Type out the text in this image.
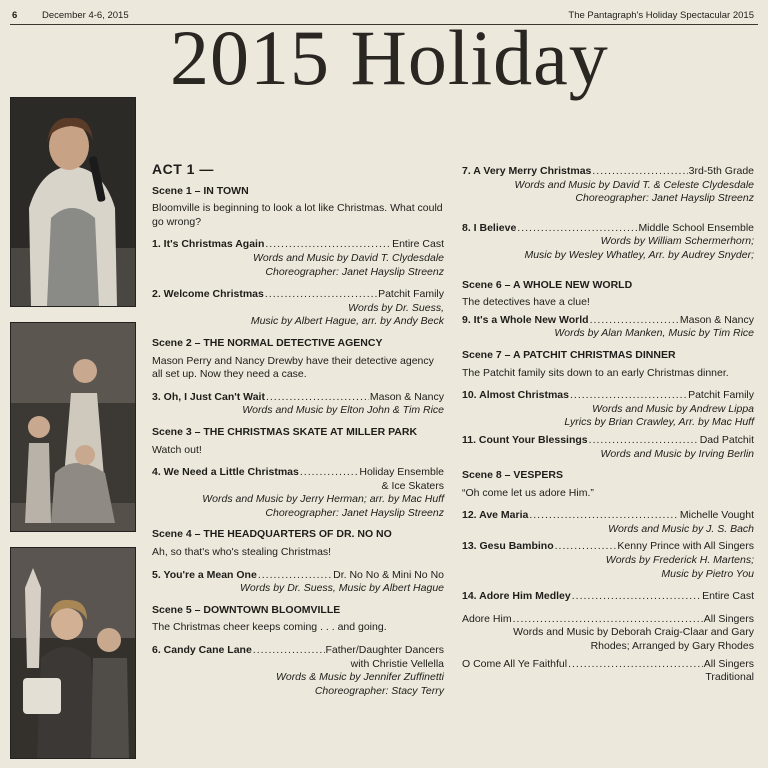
6	December 4-6, 2015	The Pantagraph's Holiday Spectacular 2015
2015 Holiday
ACT 1 —
Scene 1 – IN TOWN
Bloomville is beginning to look a lot like Christmas. What could go wrong?
1. It's Christmas Again .....	Entire Cast
Words and Music by David T. Clydesdale
Choreographer: Janet Hayslip Streenz
2. Welcome Christmas .....	Patchit Family
Words by Dr. Suess,
Music by Albert Hague, arr. by Andy Beck
Scene 2 – THE NORMAL DETECTIVE AGENCY
Mason Perry and Nancy Drewby have their detective agency all set up. Now they need a case.
3. Oh, I Just Can't Wait .....	Mason & Nancy
Words and Music by Elton John & Tim Rice
Scene 3 – THE CHRISTMAS SKATE AT MILLER PARK
Watch out!
4. We Need a Little Christmas .....	Holiday Ensemble
& Ice Skaters
Words and Music by Jerry Herman; arr. by Mac Huff
Choreographer: Janet Hayslip Streenz
Scene 4 – THE HEADQUARTERS OF DR. NO NO
Ah, so that's who's stealing Christmas!
5. You're a Mean One .....	Dr. No No & Mini No No
Words by Dr. Suess, Music by Albert Hague
Scene 5 – DOWNTOWN BLOOMVILLE
The Christmas cheer keeps coming . . . and going.
6. Candy Cane Lane .....	Father/Daughter Dancers
with Christie Vellella
Words & Music by Jennifer Zuffinetti
Choreographer: Stacy Terry
7. A Very Merry Christmas .....	3rd-5th Grade
Words and Music by David T. & Celeste Clydesdale
Choreographer: Janet Hayslip Streenz
8. I Believe .....	Middle School Ensemble
Words by William Schermerhorn;
Music by Wesley Whatley, Arr. by Audrey Snyder;
Scene 6 – A WHOLE NEW WORLD
The detectives have a clue!
9. It's a Whole New World .....	Mason & Nancy
Words by Alan Manken, Music by Tim Rice
Scene 7 – A PATCHIT CHRISTMAS DINNER
The Patchit family sits down to an early Christmas dinner.
10. Almost Christmas .....	Patchit Family
Words and Music by Andrew Lippa
Lyrics by Brian Crawley, Arr. by Mac Huff
11. Count Your Blessings .....	Dad Patchit
Words and Music by Irving Berlin
Scene 8 – VESPERS
“Oh come let us adore Him.”
12. Ave Maria .....	Michelle Vought
Words and Music by J. S. Bach
13. Gesu Bambino .....	Kenny Prince with All Singers
Words by Frederick H. Martens;
Music by Pietro You
14. Adore Him Medley .....	Entire Cast
Adore Him .....	All Singers
Words and Music by Deborah Craig-Claar and Gary
Rhodes; Arranged by Gary Rhodes
O Come All Ye Faithful .....	All Singers
Traditional
